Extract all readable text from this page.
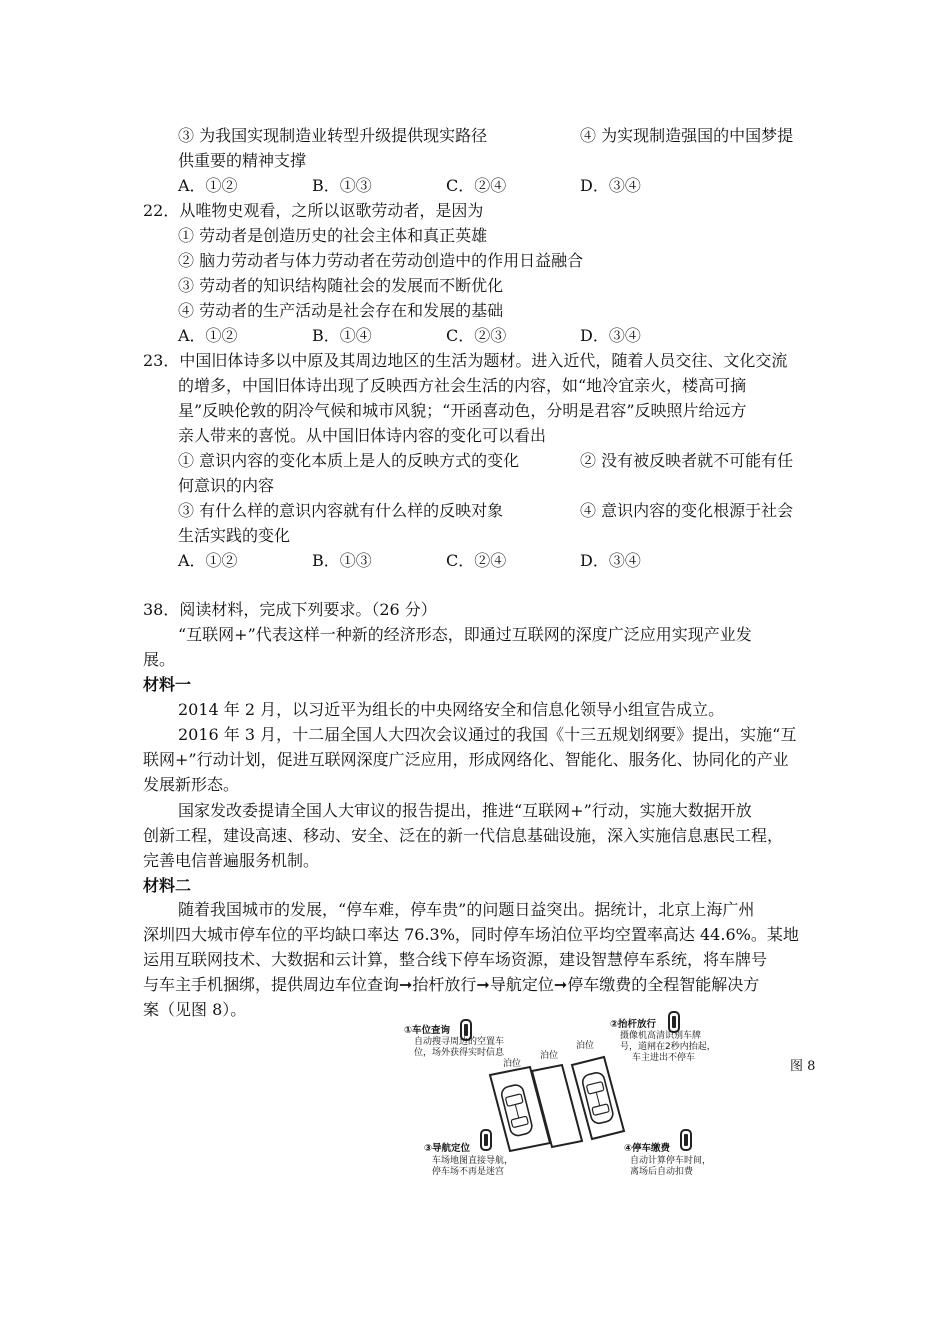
③ 为我国实现制造业转型升级提供现实路径	④ 为实现制造强国的中国梦提
供重要的精神支撑
A．①②	B．①③	C．②④	D．③④
22．从唯物史观看，之所以讴歌劳动者，是因为
① 劳动者是创造历史的社会主体和真正英雄
② 脑力劳动者与体力劳动者在劳动创造中的作用日益融合
③ 劳动者的知识结构随社会的发展而不断优化
④ 劳动者的生产活动是社会存在和发展的基础
A．①②	B．①④	C．②③	D．③④
23．中国旧体诗多以中原及其周边地区的生活为题材。进入近代，随着人员交往、文化交流
的增多，中国旧体诗出现了反映西方社会生活的内容，如“地冷宜亲火，楼高可摘
星”反映伦敦的阴冷气候和城市风貌；“开函喜动色，分明是君容”反映照片给远方
亲人带来的喜悦。从中国旧体诗内容的变化可以看出
① 意识内容的变化本质上是人的反映方式的变化	② 没有被反映者就不可能有任
何意识的内容
③ 有什么样的意识内容就有什么样的反映对象	④ 意识内容的变化根源于社会
生活实践的变化
A．①②	B．①③	C．②④	D．③④
38．阅读材料，完成下列要求。（26 分）
“互联网+”代表这样一种新的经济形态，即通过互联网的深度广泛应用实现产业发
展。
材料一
2014 年 2 月，以习近平为组长的中央网络安全和信息化领导小组宣告成立。
2016 年 3 月，十二届全国人大四次会议通过的我国《十三五规划纲要》提出，实施“互
联网+”行动计划，促进互联网深度广泛应用，形成网络化、智能化、服务化、协同化的产业
发展新形态。
国家发改委提请全国人大审议的报告提出，推进“互联网+”行动，实施大数据开放
创新工程，建设高速、移动、安全、泛在的新一代信息基础设施，深入实施信息惠民工程，
完善电信普遍服务机制。
材料二
随着我国城市的发展，“停车难，停车贵”的问题日益突出。据统计，北京上海广州
深圳四大城市停车位的平均缺口率达 76.3%，同时停车场泊位平均空置率高达 44.6%。某地
运用互联网技术、大数据和云计算，整合线下停车场资源，建设智慧停车系统，将车牌号
与车主手机捆绑，提供周边车位查询➞抬杆放行➞导航定位➞停车缴费的全程智能解决方
案（见图 8）。
泊位
泊位
泊位
①车位查询
自动搜寻周边的空置车
位，场外获得实时信息
②抬杆放行
摄像机高清识别车牌
号，道闸在2秒内抬起，
车主进出不停车
③导航定位
车场地图直接导航，
停车场不再是迷宫
④停车缴费
自动计算停车时间，
离场后自动扣费
图 8
